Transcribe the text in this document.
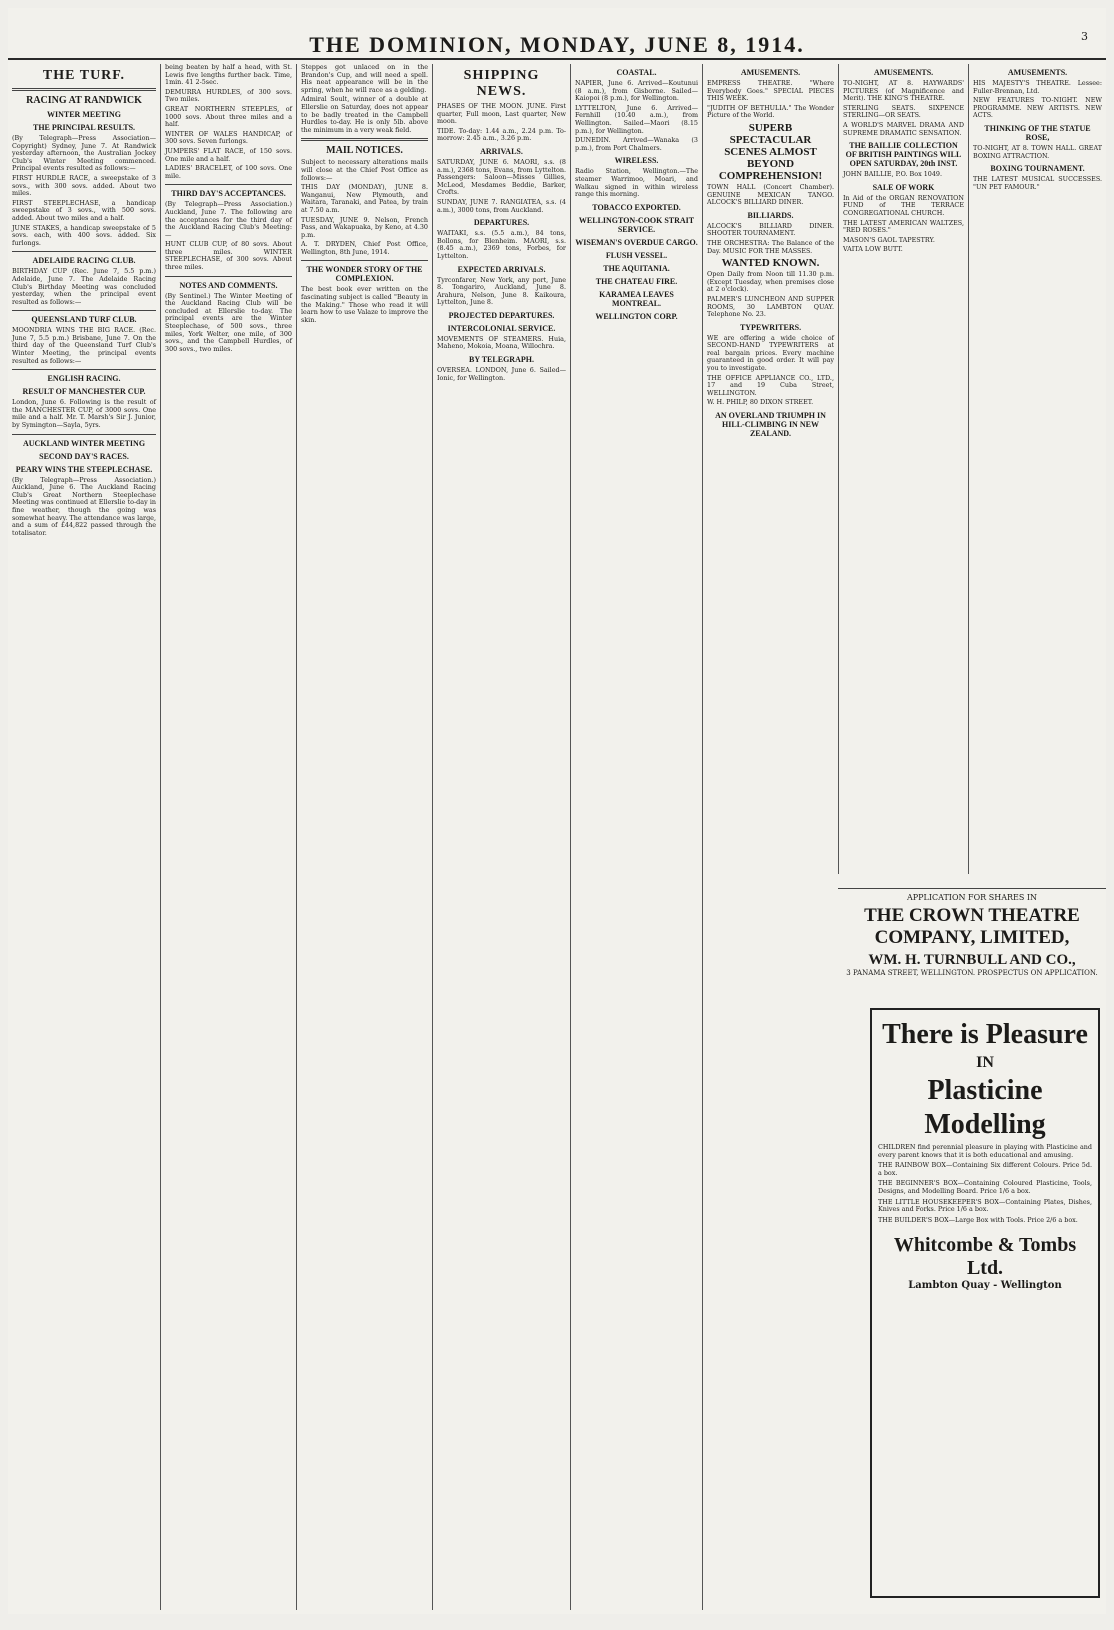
THE DOMINION, MONDAY, JUNE 8, 1914.	3
THE TURF.
RACING AT RANDWICK
WINTER MEETING
THE PRINCIPAL RESULTS.

(By Telegraph—Press Association—Copyright) Sydney, June 7. At Randwick yesterday afternoon, the Australian Jockey Club's Winter Meeting commenced. Principal events resulted as follows:—

FIRST HURDLE RACE, a sweepstake of 3 sovs., with 300 sovs. added. About two miles.

FIRST STEEPLECHASE, a handicap sweepstake of 3 sovs., with 500 sovs. added. About two miles and a half.

JUNE STAKES, a handicap sweepstake of 5 sovs. each, with 400 sovs. added. Six furlongs.

ADELAIDE RACING CLUB.

BIRTHDAY CUP (Rec. June 7, 5.5 p.m.) Adelaide, June 7. The Adelaide Racing Club's Birthday Meeting was concluded yesterday, when the principal event resulted as follows:—

QUEENSLAND TURF CLUB.

MOONDRIA WINS THE BIG RACE. (Rec. June 7, 5.5 p.m.) Brisbane, June 7. On the third day of the Queensland Turf Club's Winter Meeting, the principal events resulted as follows:—

ENGLISH RACING.
RESULT OF MANCHESTER CUP.

London, June 6. Following is the result of the MANCHESTER CUP, of 3000 sovs. One mile and a half. Mr. T. Marsh's Sir J. Junior, by Symington—Sayla, 5yrs.

AUCKLAND WINTER MEETING
SECOND DAY'S RACES.
PEARY WINS THE STEEPLECHASE.

(By Telegraph—Press Association.) Auckland, June 6. The Auckland Racing Club's Great Northern Steeplechase Meeting was continued at Ellerslie to-day in fine weather, though the going was somewhat heavy. The attendance was large, and a sum of £44,822 passed through the totalisator.

being beaten by half a head, with St. Lewis five lengths further back. Time, 1min. 41 2-5sec.

DEMURRA HURDLES, of 300 sovs. Two miles.

GREAT NORTHERN STEEPLES, of 1000 sovs. About three miles and a half.

WINTER OF WALES HANDICAP, of 300 sovs. Seven furlongs.

JUMPERS' FLAT RACE, of 150 sovs. One mile and a half.

LADIES' BRACELET, of 100 sovs. One mile.

THIRD DAY'S ACCEPTANCES.

(By Telegraph—Press Association.) Auckland, June 7. The following are the acceptances for the third day of the Auckland Racing Club's Meeting:—

HUNT CLUB CUP, of 80 sovs. About three miles. WINTER STEEPLECHASE, of 300 sovs. About three miles.

NOTES AND COMMENTS.

(By Sentinel.) The Winter Meeting of the Auckland Racing Club will be concluded at Ellerslie to-day. The principal events are the Winter Steeplechase, of 500 sovs., three miles, York Welter, one mile, of 300 sovs., and the Campbell Hurdles, of 300 sovs., two miles.

Steppes got unlaced on in the Brandon's Cup, and will need a spell. His neat appearance will be in the spring, when he will race as a gelding.

Admiral Soult, winner of a double at Ellerslie on Saturday, does not appear to be badly treated in the Campbell Hurdles to-day. He is only 5lb. above the minimum in a very weak field.

MAIL NOTICES.

Subject to necessary alterations mails will close at the Chief Post Office as follows:—

THIS DAY (MONDAY), JUNE 8. Wanganui, New Plymouth, and Waitara, Taranaki, and Patea, by train at 7.50 a.m.

TUESDAY, JUNE 9. Nelson, French Pass, and Wakapuaka, by Keno, at 4.30 p.m.

A. T. DRYDEN, Chief Post Office, Wellington, 8th June, 1914.

THE WONDER STORY OF THE COMPLEXION.

The best book ever written on the fascinating subject is called "Beauty in the Making." Those who read it will learn how to use Valaze to improve the skin.

SHIPPING NEWS.

PHASES OF THE MOON. JUNE. First quarter, Full moon, Last quarter, New moon.

TIDE. To-day: 1.44 a.m., 2.24 p.m. To-morrow: 2.45 a.m., 3.26 p.m.

ARRIVALS.

SATURDAY, JUNE 6. MAORI, s.s. (8 a.m.), 2368 tons, Evans, from Lyttelton. Passengers: Saloon—Misses Gillies, McLeod, Mesdames Beddie, Barker, Crofts.

SUNDAY, JUNE 7. RANGIATEA, s.s. (4 a.m.), 3000 tons, from Auckland.

DEPARTURES.

WAITAKI, s.s. (5.5 a.m.), 84 tons, Bollons, for Blenheim. MAORI, s.s. (8.45 a.m.), 2369 tons, Forbes, for Lyttelton.

EXPECTED ARRIVALS.

Tyrconfarer, New York, any port, June 8. Tongariro, Auckland, June 8. Arahura, Nelson, June 8. Kaikoura, Lyttelton, June 8.

PROJECTED DEPARTURES.
INTERCOLONIAL SERVICE.

MOVEMENTS OF STEAMERS. Huia, Maheno, Mokoia, Moana, Willochra.

BY TELEGRAPH.

OVERSEA. LONDON, June 6. Sailed—Ionic, for Wellington.

COASTAL.

NAPIER, June 6. Arrived—Koutunui (8 a.m.), from Gisborne. Sailed—Kaiopoi (8 p.m.), for Wellington.

LYTTELTON, June 6. Arrived—Fernhill (10.40 a.m.), from Wellington. Sailed—Maori (8.15 p.m.), for Wellington.

DUNEDIN. Arrived—Wanaka (3 p.m.), from Port Chalmers.

WIRELESS.

Radio Station, Wellington.—The steamer Warrimoo, Moari, and Walkau signed in within wireless range this morning.

TOBACCO EXPORTED.
WELLINGTON-COOK STRAIT SERVICE.
WISEMAN'S OVERDUE CARGO.
FLUSH VESSEL.
THE AQUITANIA.
THE CHATEAU FIRE.
KARAMEA LEAVES MONTREAL.
WELLINGTON CORP.
AMUSEMENTS.

EMPRESS THEATRE. "Where Everybody Goes." SPECIAL PIECES THIS WEEK.

"JUDITH OF BETHULIA." The Wonder Picture of the World.

SUPERB SPECTACULAR SCENES ALMOST BEYOND COMPREHENSION!

TOWN HALL (Concert Chamber). GENUINE MEXICAN TANGO. ALCOCK'S BILLIARD DINER.

BILLIARDS.

ALCOCK'S BILLIARD DINER. SHOOTER TOURNAMENT.

THE ORCHESTRA: The Balance of the Day. MUSIC FOR THE MASSES.

WANTED KNOWN.

Open Daily from Noon till 11.30 p.m. (Except Tuesday, when premises close at 2 o'clock).

PALMER'S LUNCHEON AND SUPPER ROOMS, 30 LAMBTON QUAY. Telephone No. 23.

TYPEWRITERS.

WE are offering a wide choice of SECOND-HAND TYPEWRITERS at real bargain prices. Every machine guaranteed in good order. It will pay you to investigate.

THE OFFICE APPLIANCE CO., LTD., 17 and 19 Cuba Street, WELLINGTON.

W. H. PHILP, 80 DIXON STREET.

AN OVERLAND TRIUMPH IN HILL-CLIMBING IN NEW ZEALAND.
AMUSEMENTS.

TO-NIGHT, AT 8. HAYWARDS' PICTURES (of Magnificence and Merit). THE KING'S THEATRE.

STERLING SEATS. SIXPENCE STERLING—OR SEATS.

A WORLD'S MARVEL DRAMA AND SUPREME DRAMATIC SENSATION.

THE BAILLIE COLLECTION OF BRITISH PAINTINGS WILL OPEN SATURDAY, 20th INST.

JOHN BAILLIE, P.O. Box 1049.

SALE OF WORK

In Aid of the ORGAN RENOVATION FUND of THE TERRACE CONGREGATIONAL CHURCH.

THE LATEST AMERICAN WALTZES, "RED ROSES."

MASON'S GAOL TAPESTRY.

VAITA LOW BUTT.

AMUSEMENTS.

HIS MAJESTY'S THEATRE. Lessee: Fuller-Brennan, Ltd.

NEW FEATURES TO-NIGHT. NEW PROGRAMME. NEW ARTISTS. NEW ACTS.

THINKING OF THE STATUE ROSE,

TO-NIGHT, AT 8. TOWN HALL. GREAT BOXING ATTRACTION.

BOXING TOURNAMENT.

THE LATEST MUSICAL SUCCESSES. "UN PET FAMOUR."

APPLICATION FOR SHARES IN
THE CROWN THEATRE COMPANY, LIMITED,
WM. H. TURNBULL AND CO.,
3 PANAMA STREET, WELLINGTON. PROSPECTUS ON APPLICATION.
There is Pleasure
IN
Plasticine
Modelling

CHILDREN find perennial pleasure in playing with Plasticine and every parent knows that it is both educational and amusing.

THE RAINBOW BOX—Containing Six different Colours. Price 5d. a box.

THE BEGINNER'S BOX—Containing Coloured Plasticine, Tools, Designs, and Modelling Board. Price 1/6 a box.

THE LITTLE HOUSEKEEPER'S BOX—Containing Plates, Dishes, Knives and Forks. Price 1/6 a box.

THE BUILDER'S BOX—Large Box with Tools. Price 2/6 a box.

Whitcombe & Tombs Ltd.
Lambton Quay - Wellington
